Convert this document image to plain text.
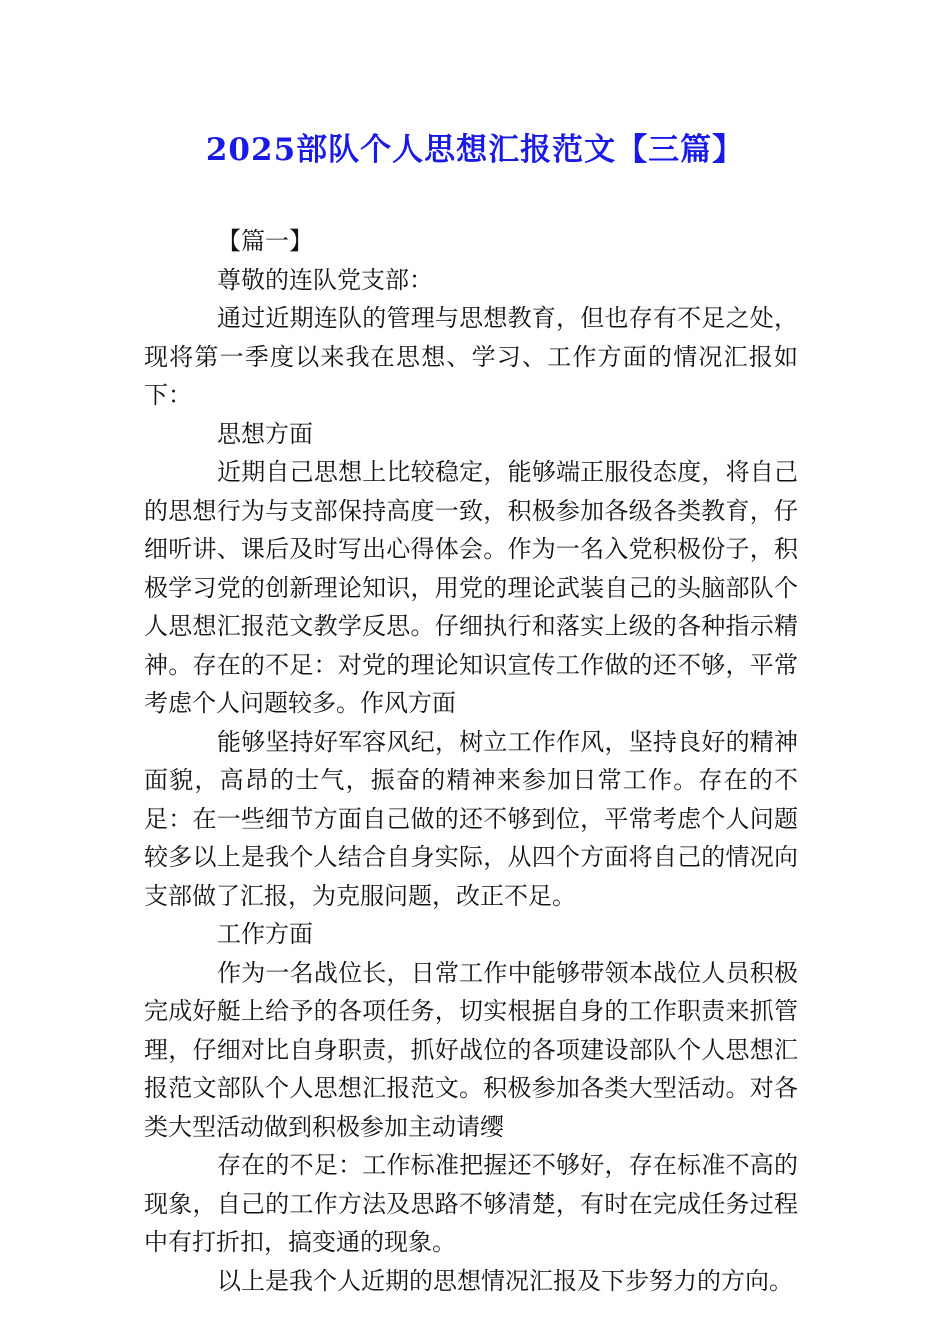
2025部队个人思想汇报范文【三篇】

【篇一】

尊敬的连队党支部：

通过近期连队的管理与思想教育，但也存有不足之处，现将第一季度以来我在思想、学习、工作方面的情况汇报如下：

思想方面

近期自己思想上比较稳定，能够端正服役态度，将自己的思想行为与支部保持高度一致，积极参加各级各类教育，仔细听讲、课后及时写出心得体会。作为一名入党积极份子，积极学习党的创新理论知识，用党的理论武装自己的头脑部队个人思想汇报范文教学反思。仔细执行和落实上级的各种指示精神。存在的不足：对党的理论知识宣传工作做的还不够，平常考虑个人问题较多。作风方面

能够坚持好军容风纪，树立工作作风，坚持良好的精神面貌，高昂的士气，振奋的精神来参加日常工作。存在的不足：在一些细节方面自己做的还不够到位，平常考虑个人问题较多以上是我个人结合自身实际，从四个方面将自己的情况向支部做了汇报，为克服问题，改正不足。

工作方面

作为一名战位长，日常工作中能够带领本战位人员积极完成好艇上给予的各项任务，切实根据自身的工作职责来抓管理，仔细对比自身职责，抓好战位的各项建设部队个人思想汇报范文部队个人思想汇报范文。积极参加各类大型活动。对各类大型活动做到积极参加主动请缨

存在的不足：工作标准把握还不够好，存在标准不高的现象，自己的工作方法及思路不够清楚，有时在完成任务过程中有打折扣，搞变通的现象。

以上是我个人近期的思想情况汇报及下步努力的方向。
